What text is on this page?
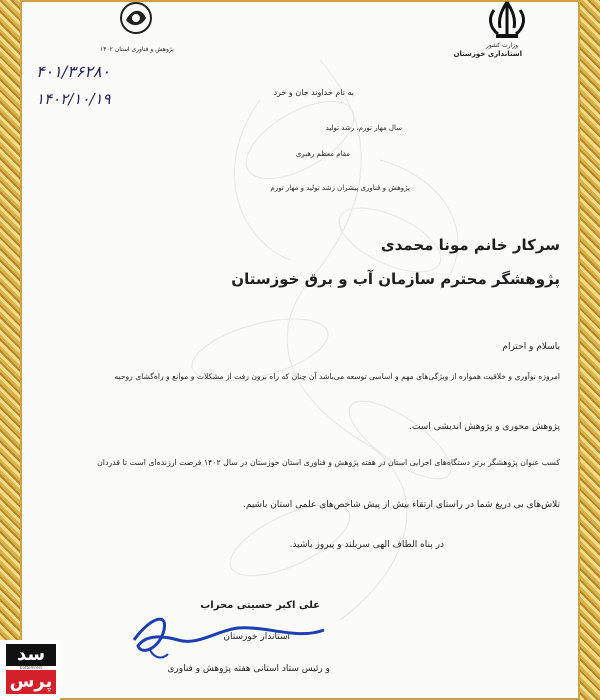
وزارت کشور
استانداری خوزستان
پژوهش و فناوری استان ۱۴۰۲
۴۰۱/۳۶۲۸۰
۱۴۰۲/۱۰/۱۹	به نام خداوند جان و خرد
سال مهار تورم، رشد تولید
مقام معظم رهبری
پژوهش و فناوری پیشران رشد تولید و مهار تورم
سرکار خانم مونا محمدی
پژوهشگر محترم سازمان آب و برق خوزستان
باسلام و احترام
امروزه نوآوری و خلاقیت همواره از ویژگی‌های مهم و اساسی توسعه می‌باشد آن چنان که راه برون رفت از مشکلات و موانع و راه‌گشای روحیه
پژوهش محوری و پژوهش اندیشی است.
کسب عنوان پژوهشگر برتر دستگاه‌های اجرایی استان در هفته پژوهش و فناوری استان خوزستان در سال ۱۴۰۲ فرصت ارزنده‌ای است تا قدردان
تلاش‌های بی دریغ شما در راستای ارتقاء بیش از پیش شاخص‌های علمی استان باشیم.
در پناه الطاف الهی سربلند و پیروز باشید.
علی اکبر حسینی محراب
استاندار خوزستان
و رئیس ستاد استانی هفته پژوهش و فناوری
سد
bottomrest
پرس
